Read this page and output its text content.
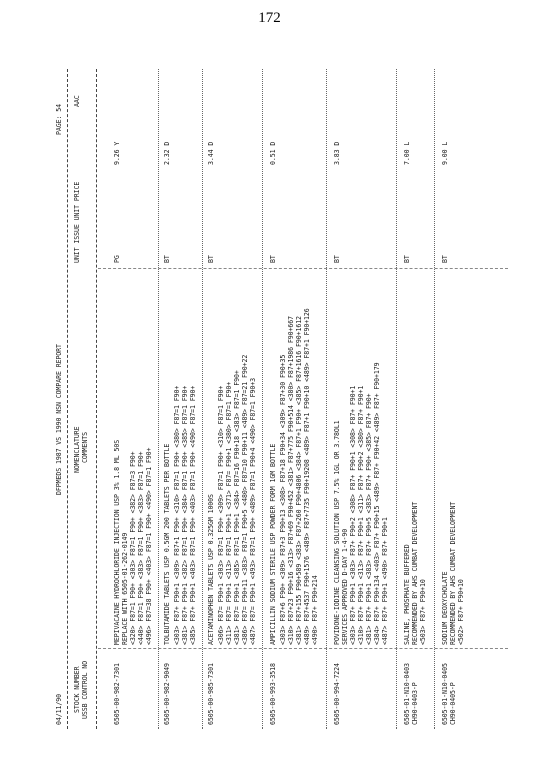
172
04/11/90
DFPMEDS 1987 VS 1990 NSN COMPARE REPORT
PAGE: 54
STOCK NUMBER USSB CONTROL NO
NOMENCLATURE COMMENTS
UNIT ISSUE UNIT PRICE
AAC
6505-00-982-7301
MEPIVACAINE HYDROCHLORIDE INJECTION USP 3% 1.8 ML 50S
PG
9.26 Y
REPLACE WITH 6505-01-262-0149 <320> F87=1 F90+ <303> F87=1 F90+ <382> F87=3 F90+ <440> F87=1 F90+ <383> F87=1 F90+ <383> F87=1 F90+ <496> F87=38 F90+ <403> F87=1 F90+ <490> F87=1 F90+
6505-00-982-9049
TOLBUTAMIDE TABLETS USP 0.5GM 200 TABLETS PER BOTTLE
BT
2.32 D
<303> F87+ F90+1 <309> F87+1 F90+ <310> F87=1 F90+ <380> F87=1 F90+ <381> F87+ F90+1 <382> F87=1 F90+ <384> F87=1 F90+ <385> F87=1 F90+ <385> F87+ F90+1 <403> F87=1 F90+ <403> F87=1 F90+ <490> F87=1 F90+
6505-00-985-7301
ACETAMINOPHEN TABLETS USP 0.325GM 1000S
BT
3.44 D
<306> F87= F90+1 <303> F87=1 F90+ <309> F87=1 F90+ <310> F87=1 F90+ <311> F87= F90+1 <313> F87=1 F90+1 <371> F87= F90+1 <380> F87=1 F90+ <381> F87= F90+1 <385> F87=1 F90+1 <384> F87=16 F90+18 <383> F87=1 F90+ <386> F87= F90+11 <383> F87=1 F90+5 <480> F87=10 F90+11 <489> F87=21 F90+22 <487> F87= F90+1 <493> F87=1 F90+ <489> F87=1 F90+4 <490> F87=1 F90+3
6505-00-993-3518
AMPICILLIN SODIUM STERILE USP POWDER FORM 1GM BOTTLE
BT
0.51 D
<303> F87+6 F90+ <309> F87+3 F90+13 <308> F87+18 F90+34 <309> F87+30 F90+35 <310> F87+23 F90+16 <313> F87+69 F90+452 <381> F87+775 F90+514 <380> F87+1986 F90+667 <381> F87+155 F90+589 <383> F87+260 F90+4806 <384> F87+1 F90+ <385> F87+1616 F90+1612 <489> F87+4537 F90+1576 <489> F87+7735 F90+19208 <489> F87+1 F90+10 <489> F87+1 F90+126 <490> F87+ F90+214
6505-00-994-7224
POVIDONE-IODINE CLEANSING SOLUTION USP 7.5% 1GL OR 3.78OL1
BT
3.83 D
SERVICES APPROVED D-DAY 1-4-90 <303> F87+ F90+1 <303> F87+ F90+2 <308> F87+ F90+1 <308> F87+ F90+1 <310> F87+ F90+1 <313> F87+ F90+1 <311> F87+ F90+2 <380> F87+ F90+1 <381> F87+ F90+1 <383> F87+ F90+5 <383> F87+ F90+ <385> F87+ F90+ <384> F87+ F90+134 <403> F87+ F90+15 <489> F87+ F90+42 <489> F87+ F90+179 <487> F87+ F90+1 <490> F87+ F90+1
6505-01-N10-0403 CH90-0403-P
SALINE, PHOSPHATE BUFFERED
BT
7.00 L
RECOMMENDED BY AHS CUMBAT DEVELOPMENT <503> F87+ F90+10
6505-01-N10-0405 CH90-0405-P
SODIUM DEOXYCHOLATE
BT
9.00 L
RECOMMENDED BY AHS CUMBAT DEVELOPMENT <502> F87+ F90+10
